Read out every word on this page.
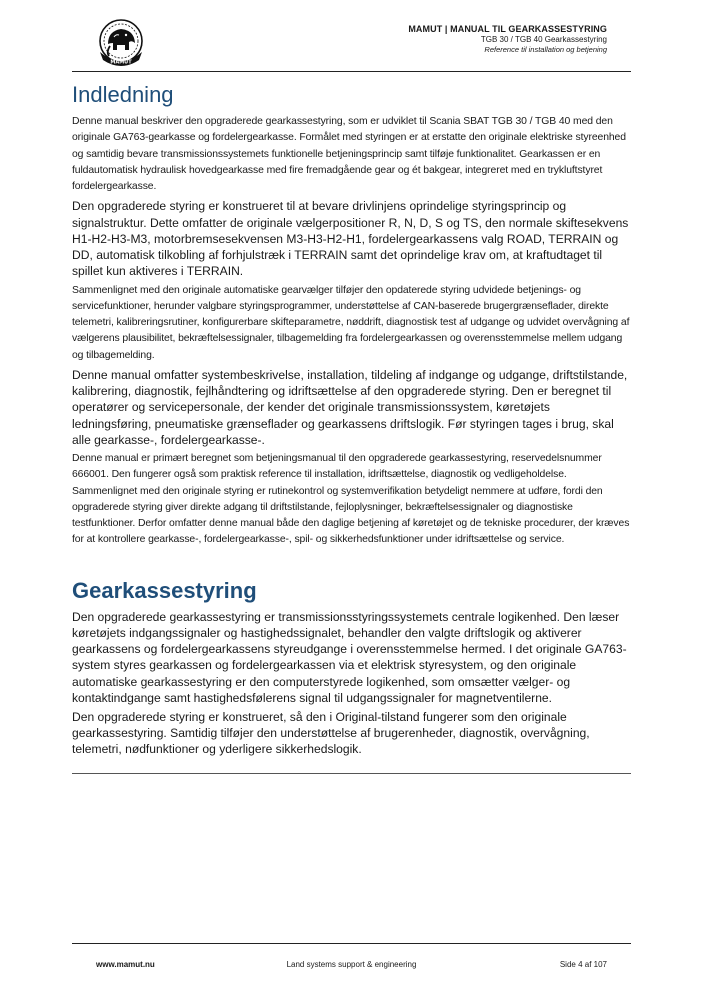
MAMUT
MAMUT | MANUAL TIL GEARKASSESTYRING
TGB 30 / TGB 40 Gearkassestyring
Reference til installation og betjening
Indledning

Denne manual beskriver den opgraderede gearkassestyring, som er udviklet til Scania SBAT TGB 30 / TGB 40 med den originale GA763-gearkasse og fordelergearkasse. Formålet med styringen er at erstatte den originale elektriske styreenhed og samtidig bevare transmissionssystemets funktionelle betjeningsprincip samt tilføje funktionalitet. Gearkassen er en fuldautomatisk hydraulisk hovedgearkasse med fire fremadgående gear og ét bakgear, integreret med en trykluftstyret fordelergearkasse.

Den opgraderede styring er konstrueret til at bevare drivlinjens oprindelige styringsprincip og signalstruktur. Dette omfatter de originale vælgerpositioner R, N, D, S og TS, den normale skiftesekvens H1-H2-H3-M3, motorbremsesekvensen M3-H3-H2-H1, fordelergearkassens valg ROAD, TERRAIN og DD, automatisk tilkobling af forhjulstræk i TERRAIN samt det oprindelige krav om, at kraftudtaget til spillet kun aktiveres i TERRAIN.

Sammenlignet med den originale automatiske gearvælger tilføjer den opdaterede styring udvidede betjenings- og servicefunktioner, herunder valgbare styringsprogrammer, understøttelse af CAN-baserede brugergrænseflader, direkte telemetri, kalibreringsrutiner, konfigurerbare skifteparametre, nøddrift, diagnostisk test af udgange og udvidet overvågning af vælgerens plausibilitet, bekræftelsessignaler, tilbagemelding fra fordelergearkassen og overensstemmelse mellem udgang og tilbagemelding.

Denne manual omfatter systembeskrivelse, installation, tildeling af indgange og udgange, driftstilstande, kalibrering, diagnostik, fejlhåndtering og idriftsættelse af den opgraderede styring. Den er beregnet til operatører og servicepersonale, der kender det originale transmissionssystem, køretøjets ledningsføring, pneumatiske grænseflader og gearkassens driftslogik. Før styringen tages i brug, skal alle gearkasse-, fordelergearkasse-.

Denne manual er primært beregnet som betjeningsmanual til den opgraderede gearkassestyring, reservedelsnummer 666001. Den fungerer også som praktisk reference til installation, idriftsættelse, diagnostik og vedligeholdelse. Sammenlignet med den originale styring er rutinekontrol og systemverifikation betydeligt nemmere at udføre, fordi den opgraderede styring giver direkte adgang til driftstilstande, fejloplysninger, bekræftelsessignaler og diagnostiske testfunktioner. Derfor omfatter denne manual både den daglige betjening af køretøjet og de tekniske procedurer, der kræves for at kontrollere gearkasse-, fordelergearkasse-, spil- og sikkerhedsfunktioner under idriftsættelse og service.

Gearkassestyring

Den opgraderede gearkassestyring er transmissionsstyringssystemets centrale logikenhed. Den læser køretøjets indgangssignaler og hastighedssignalet, behandler den valgte driftslogik og aktiverer gearkassens og fordelergearkassens styreudgange i overensstemmelse hermed. I det originale GA763-system styres gearkassen og fordelergearkassen via et elektrisk styresystem, og den originale automatiske gearkassestyring er den computerstyrede logikenhed, som omsætter vælger- og kontaktindgange samt hastighedsfølerens signal til udgangssignaler for magnetventilerne.

Den opgraderede styring er konstrueret, så den i Original-tilstand fungerer som den originale gearkassestyring. Samtidig tilføjer den understøttelse af brugerenheder, diagnostik, overvågning, telemetri, nødfunktioner og yderligere sikkerhedslogik.

www.mamut.nu	Land systems support & engineering	Side 4 af 107
